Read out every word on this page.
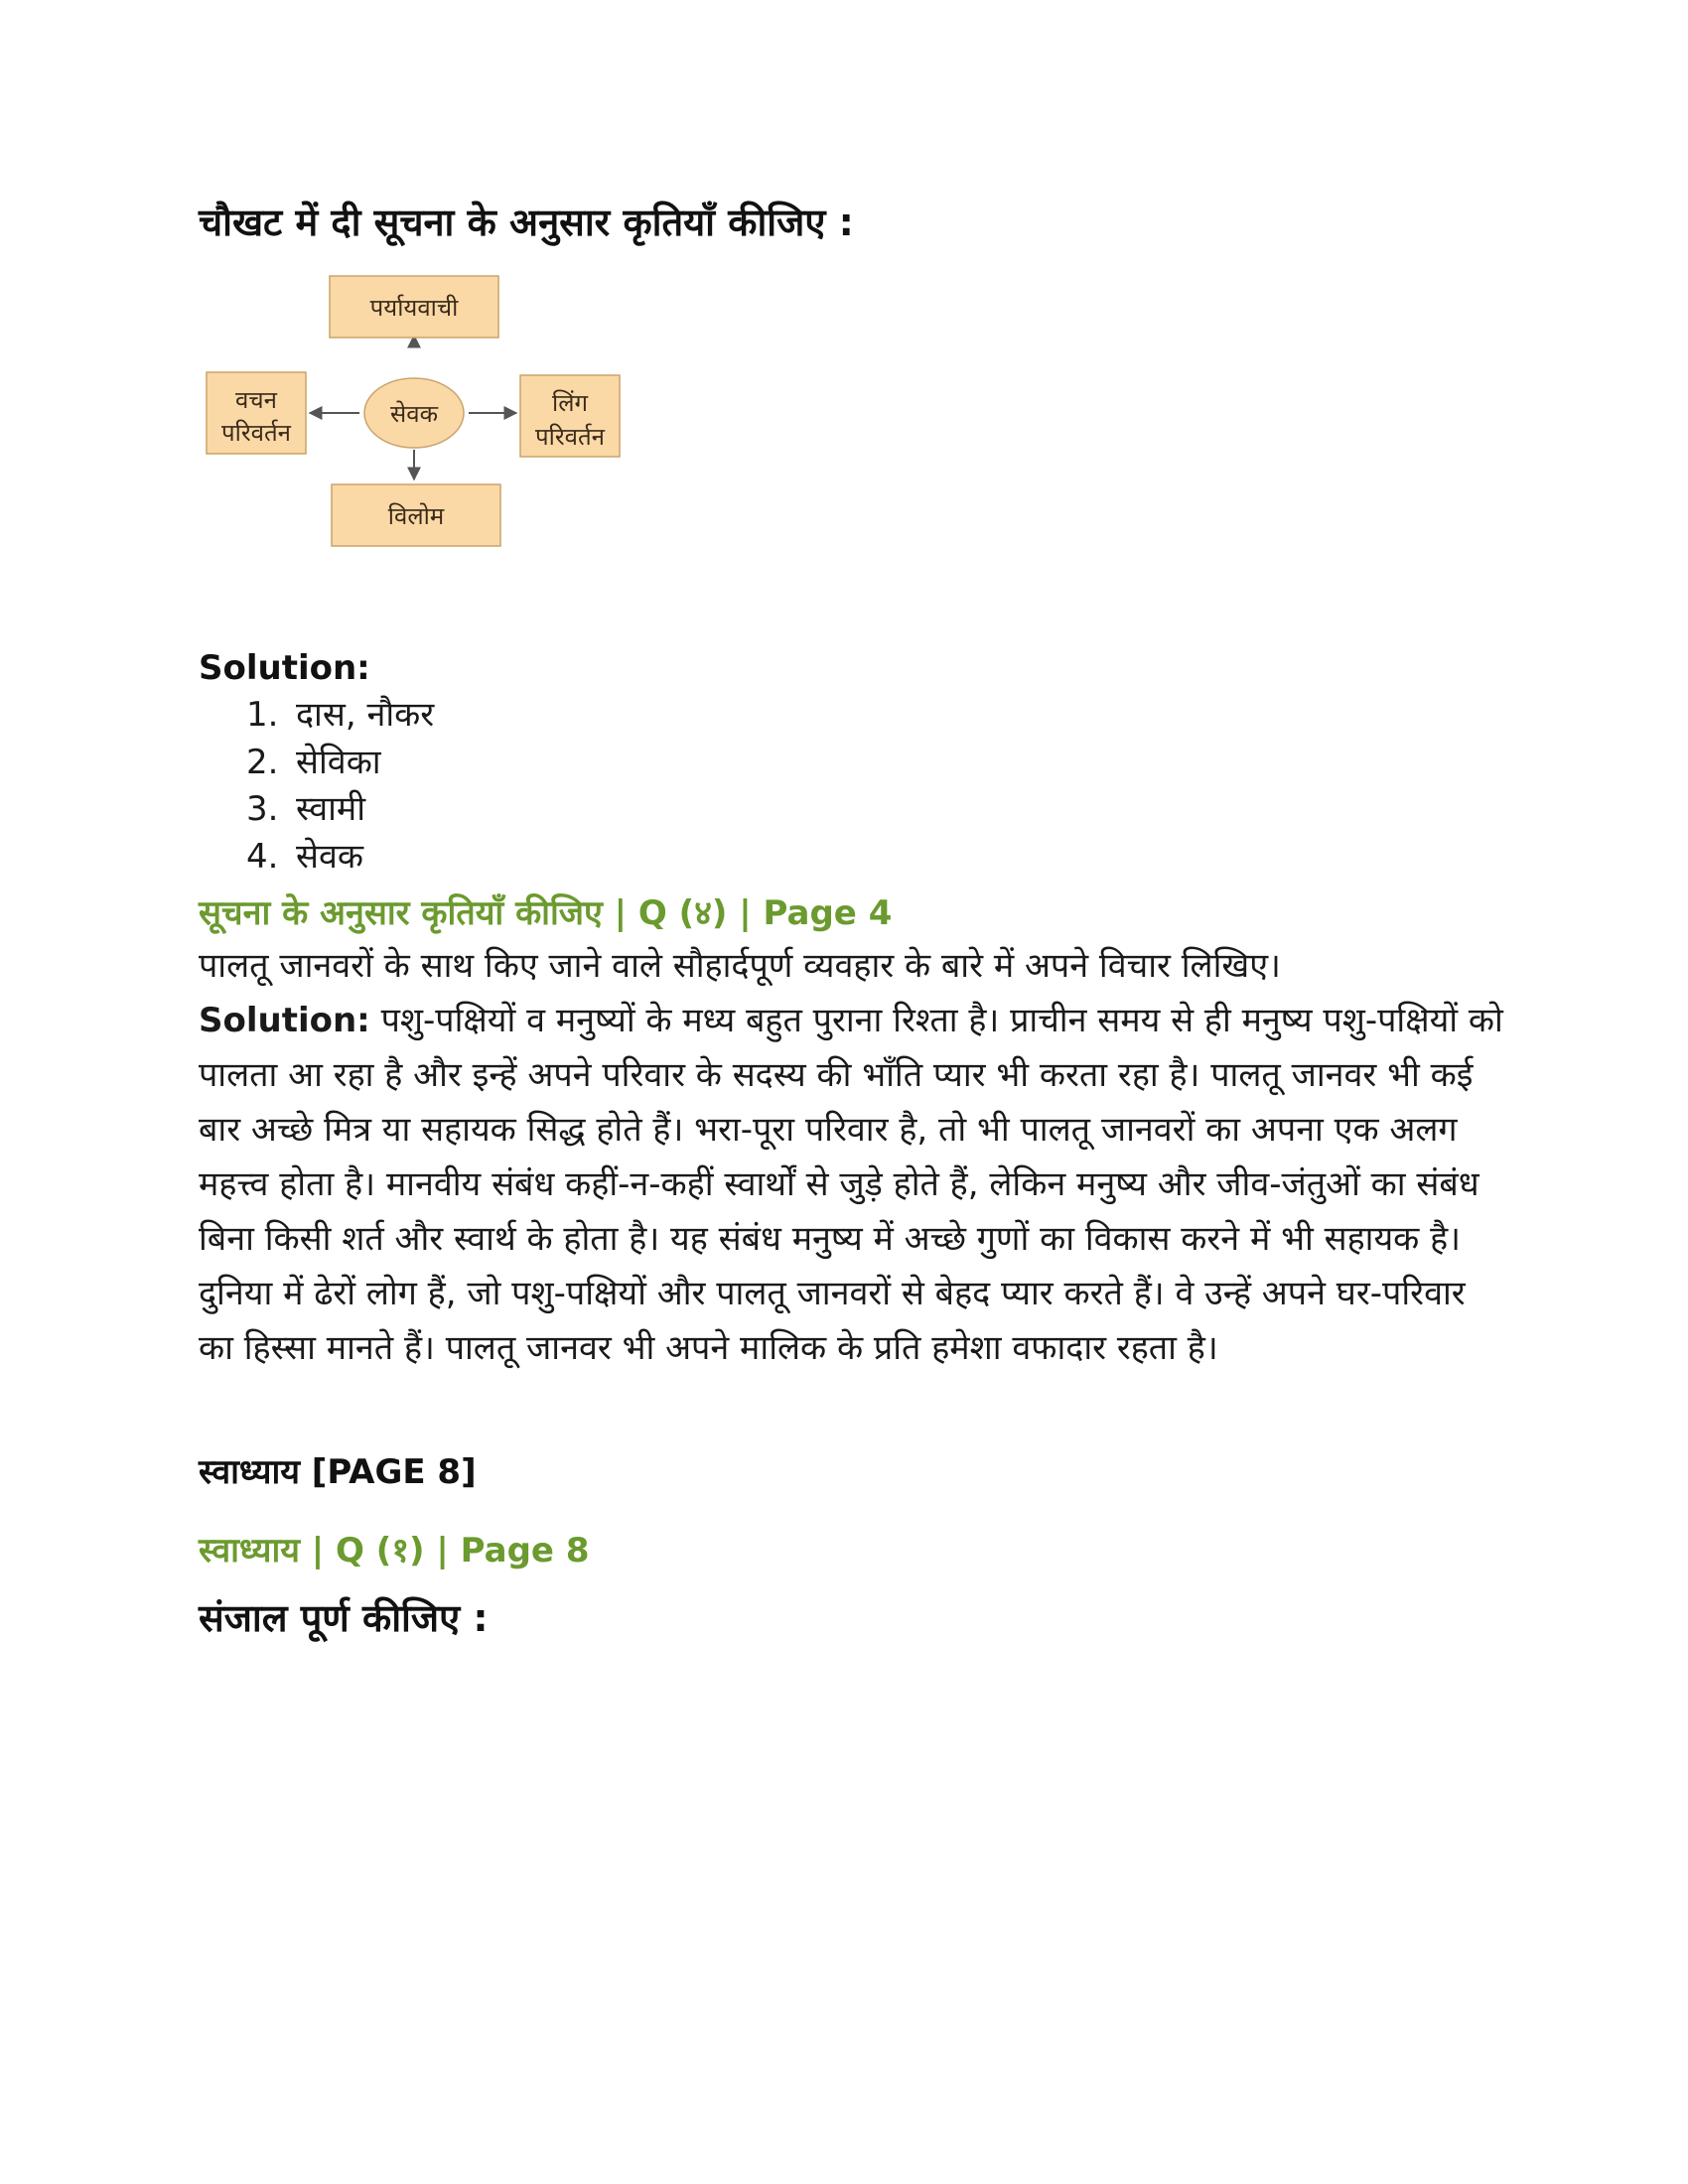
चौखट में दी सूचना के अनुसार कृतियाँ कीजिए :
पर्यायवाची
सेवक
वचन
परिवर्तन
लिंग
परिवर्तन
विलोम

Solution:

1. दास, नौकर
2. सेविका
3. स्वामी
4. सेवक
सूचना के अनुसार कृतियाँ कीजिए | Q (४) | Page 4

पालतू जानवरों के साथ किए जाने वाले सौहार्दपूर्ण व्यवहार के बारे में अपने विचार लिखिए।

Solution: पशु-पक्षियों व मनुष्यों के मध्य बहुत पुराना रिश्ता है। प्राचीन समय से ही मनुष्य पशु-पक्षियों को पालता आ रहा है और इन्हें अपने परिवार के सदस्य की भाँति प्यार भी करता रहा है। पालतू जानवर भी कई बार अच्छे मित्र या सहायक सिद्ध होते हैं। भरा-पूरा परिवार है, तो भी पालतू जानवरों का अपना एक अलग महत्त्व होता है। मानवीय संबंध कहीं-न-कहीं स्वार्थों से जुड़े होते हैं, लेकिन मनुष्य और जीव-जंतुओं का संबंध बिना किसी शर्त और स्वार्थ के होता है। यह संबंध मनुष्य में अच्छे गुणों का विकास करने में भी सहायक है। दुनिया में ढेरों लोग हैं, जो पशु-पक्षियों और पालतू जानवरों से बेहद प्यार करते हैं। वे उन्हें अपने घर-परिवार का हिस्सा मानते हैं। पालतू जानवर भी अपने मालिक के प्रति हमेशा वफादार रहता है।

स्वाध्याय [PAGE 8]
स्वाध्याय | Q (१) | Page 8
संजाल पूर्ण कीजिए :
